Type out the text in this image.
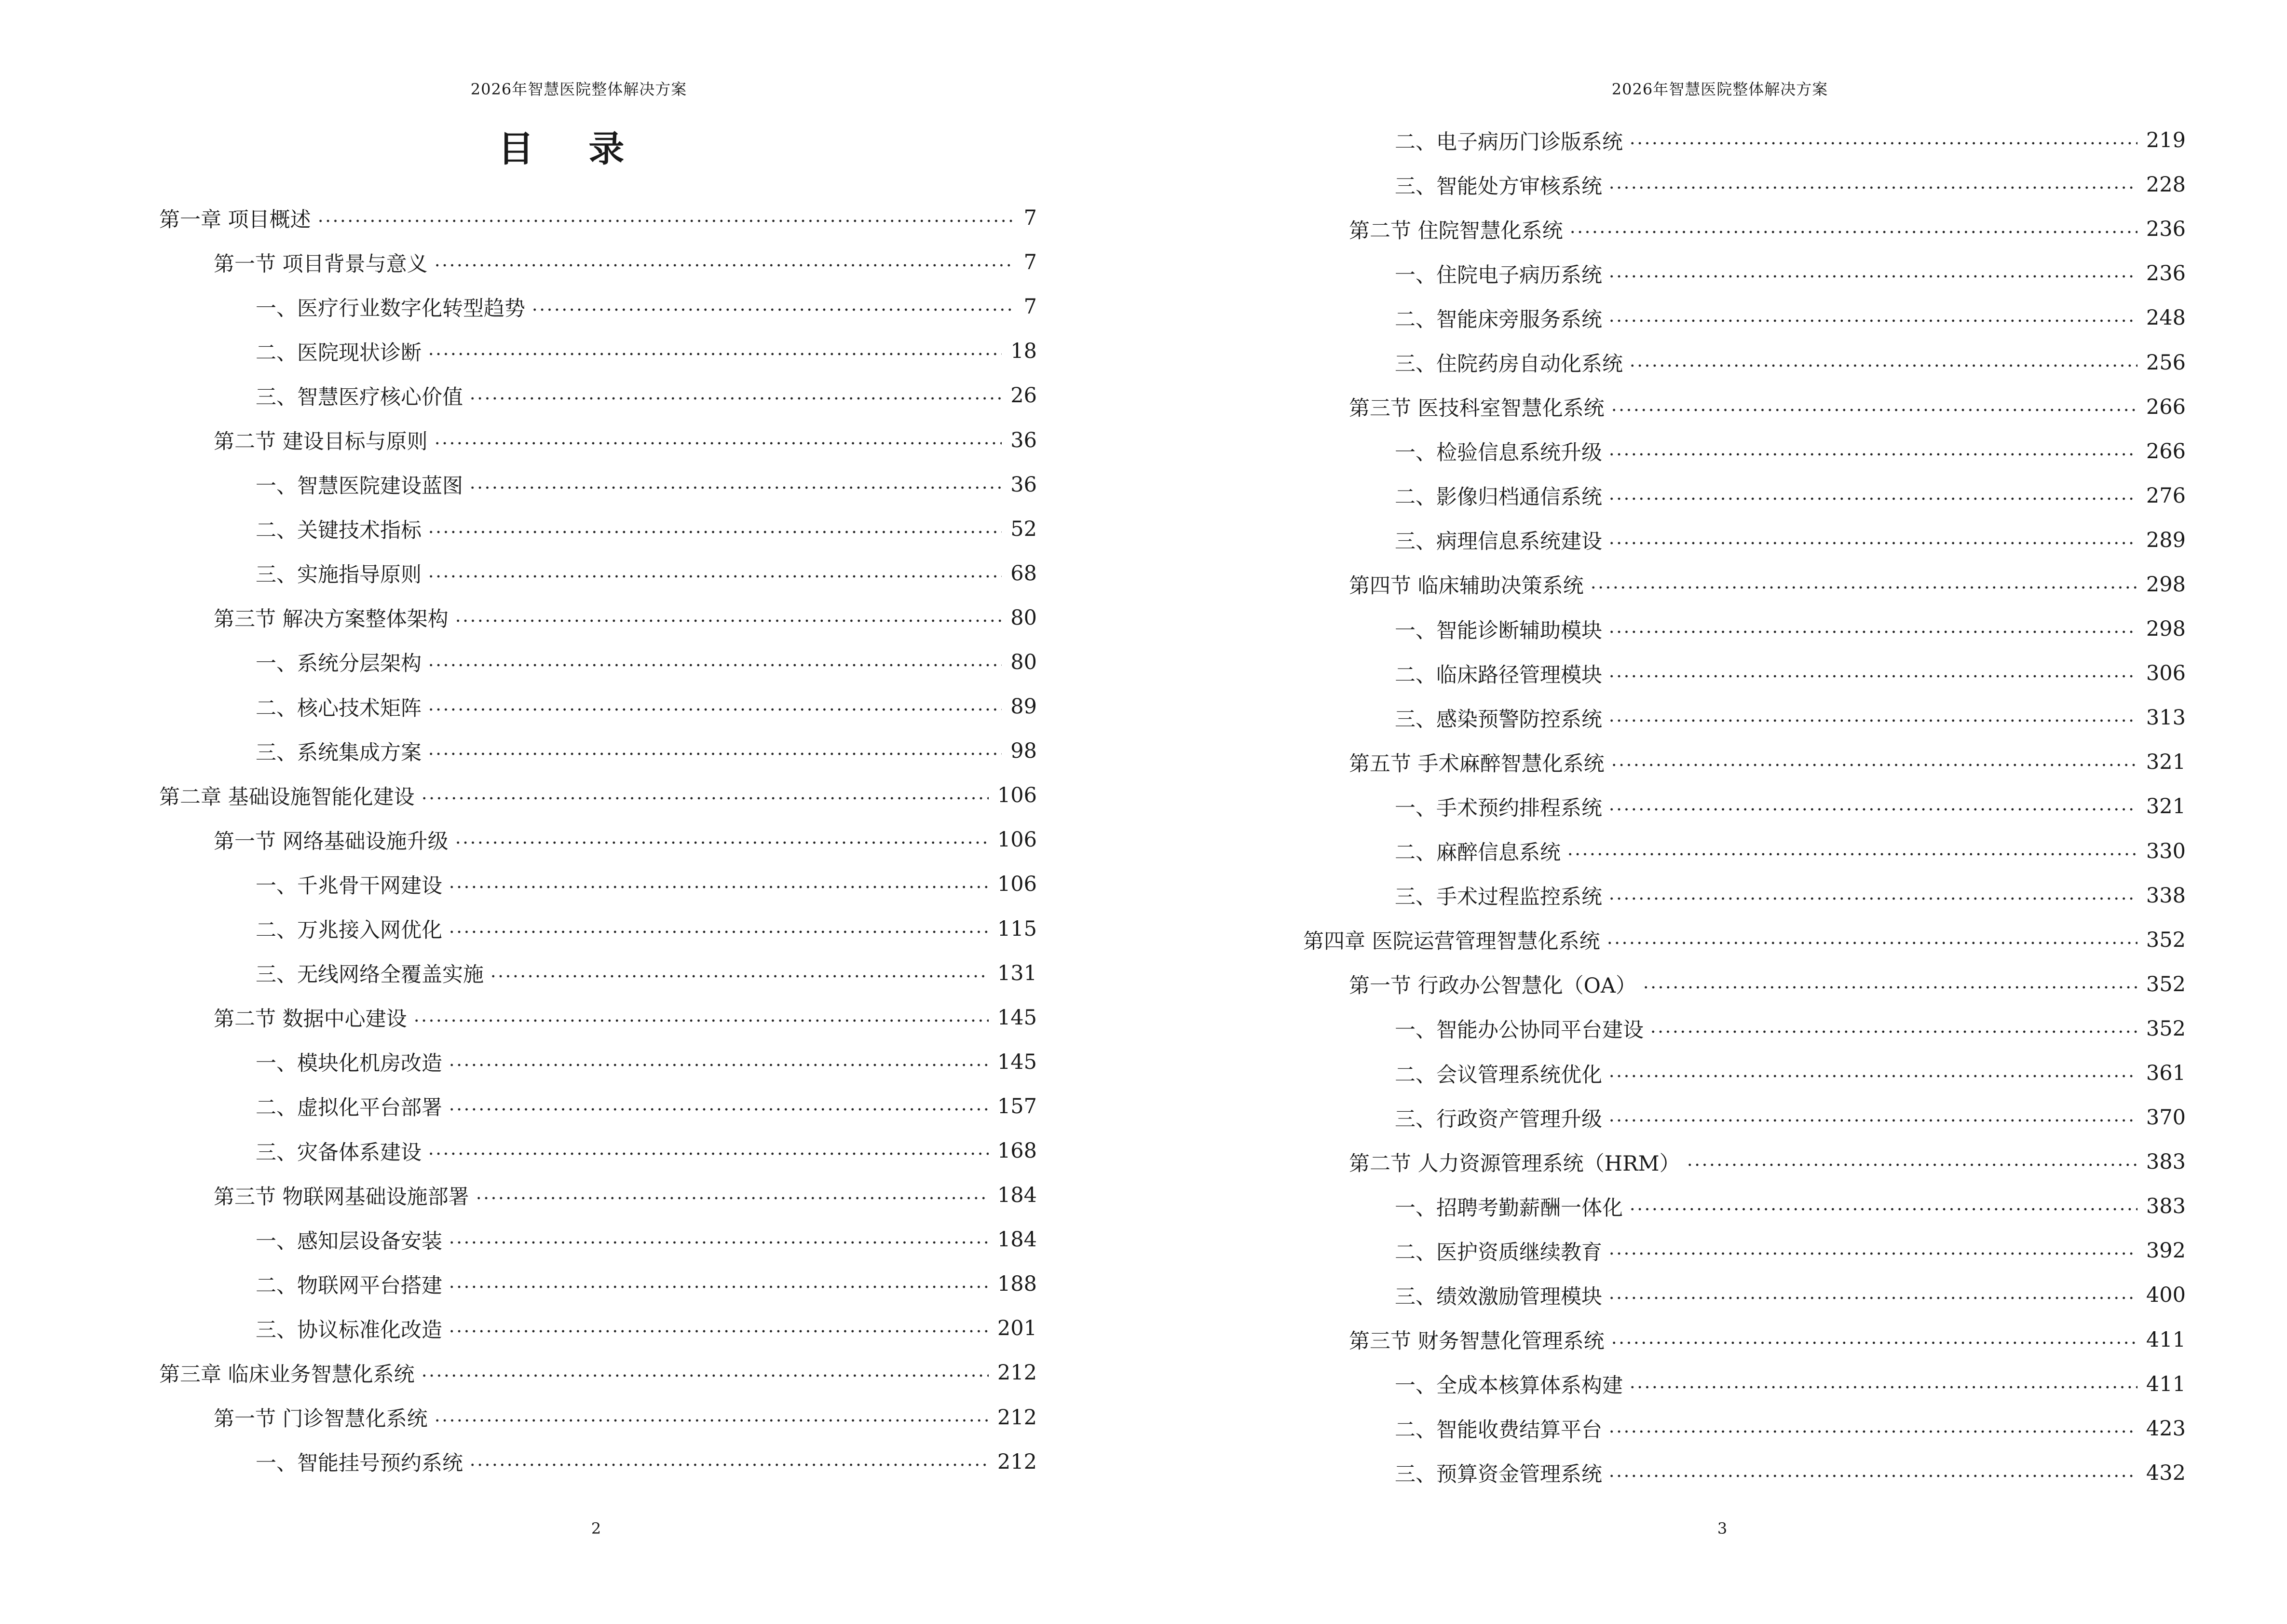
2026年智慧医院整体解决方案
目 录
第一章 项目概述	7
第一节 项目背景与意义	7
一、医疗行业数字化转型趋势	7
二、医院现状诊断	18
三、智慧医疗核心价值	26
第二节 建设目标与原则	36
一、智慧医院建设蓝图	36
二、关键技术指标	52
三、实施指导原则	68
第三节 解决方案整体架构	80
一、系统分层架构	80
二、核心技术矩阵	89
三、系统集成方案	98
第二章 基础设施智能化建设	106
第一节 网络基础设施升级	106
一、千兆骨干网建设	106
二、万兆接入网优化	115
三、无线网络全覆盖实施	131
第二节 数据中心建设	145
一、模块化机房改造	145
二、虚拟化平台部署	157
三、灾备体系建设	168
第三节 物联网基础设施部署	184
一、感知层设备安装	184
二、物联网平台搭建	188
三、协议标准化改造	201
第三章 临床业务智慧化系统	212
第一节 门诊智慧化系统	212
一、智能挂号预约系统	212
2
2026年智慧医院整体解决方案
二、电子病历门诊版系统	219
三、智能处方审核系统	228
第二节 住院智慧化系统	236
一、住院电子病历系统	236
二、智能床旁服务系统	248
三、住院药房自动化系统	256
第三节 医技科室智慧化系统	266
一、检验信息系统升级	266
二、影像归档通信系统	276
三、病理信息系统建设	289
第四节 临床辅助决策系统	298
一、智能诊断辅助模块	298
二、临床路径管理模块	306
三、感染预警防控系统	313
第五节 手术麻醉智慧化系统	321
一、手术预约排程系统	321
二、麻醉信息系统	330
三、手术过程监控系统	338
第四章 医院运营管理智慧化系统	352
第一节 行政办公智慧化（OA）	352
一、智能办公协同平台建设	352
二、会议管理系统优化	361
三、行政资产管理升级	370
第二节 人力资源管理系统（HRM）	383
一、招聘考勤薪酬一体化	383
二、医护资质继续教育	392
三、绩效激励管理模块	400
第三节 财务智慧化管理系统	411
一、全成本核算体系构建	411
二、智能收费结算平台	423
三、预算资金管理系统	432
3
